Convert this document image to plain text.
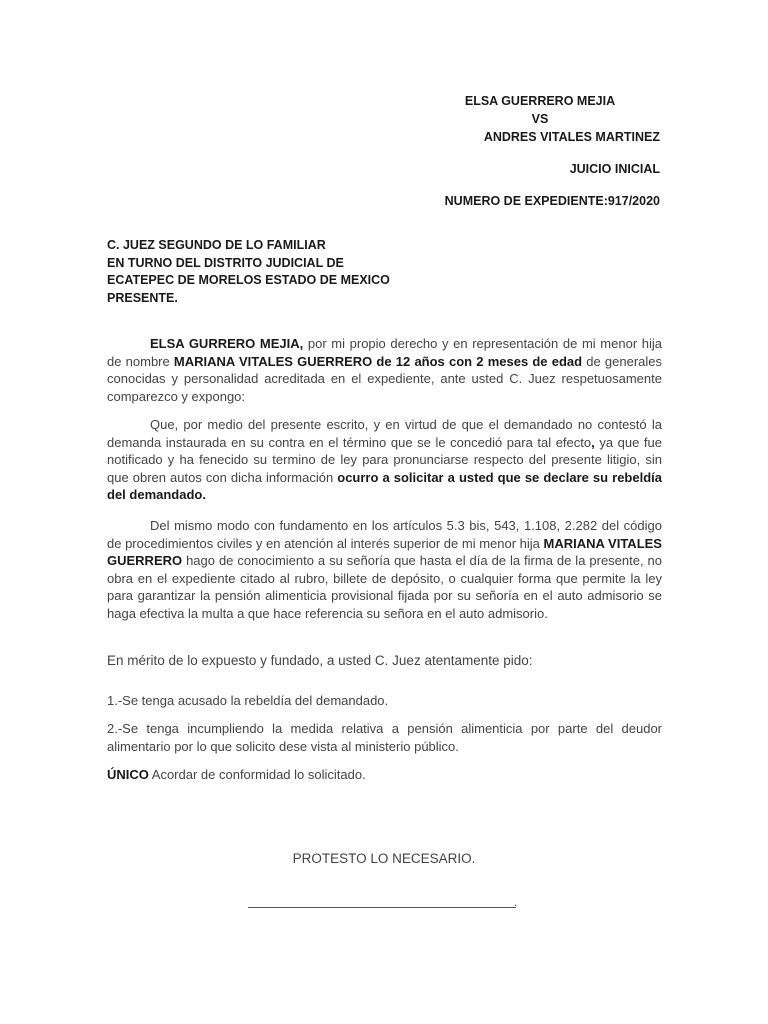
ELSA GUERRERO MEJIA
VS
ANDRES VITALES MARTINEZ
JUICIO INICIAL
NUMERO DE EXPEDIENTE:917/2020
C. JUEZ SEGUNDO DE LO FAMILIAR
EN TURNO DEL DISTRITO JUDICIAL DE
ECATEPEC DE MORELOS ESTADO DE MEXICO
PRESENTE.
ELSA GURRERO MEJIA, por mi propio derecho y en representación de mi menor hija de nombre MARIANA VITALES GUERRERO de 12 años con 2 meses de edad de generales conocidas y personalidad acreditada en el expediente, ante usted C. Juez respetuosamente comparezco y expongo:
Que, por medio del presente escrito, y en virtud de que el demandado no contestó la demanda instaurada en su contra en el término que se le concedió para tal efecto, ya que fue notificado y ha fenecido su termino de ley para pronunciarse respecto del presente litigio, sin que obren autos con dicha información ocurro a solicitar a usted que se declare su rebeldía del demandado.
Del mismo modo con fundamento en los artículos 5.3 bis, 543, 1.108, 2.282 del código de procedimientos civiles y en atención al interés superior de mi menor hija MARIANA VITALES GUERRERO hago de conocimiento a su señoría que hasta el día de la firma de la presente, no obra en el expediente citado al rubro, billete de depósito, o cualquier forma que permite la ley para garantizar la pensión alimenticia provisional fijada por su señoría en el auto admisorio se haga efectiva la multa a que hace referencia su señora en el auto admisorio.
En mérito de lo expuesto y fundado, a usted C. Juez atentamente pido:
1.-Se tenga acusado la rebeldía del demandado.
2.-Se tenga incumpliendo la medida relativa a pensión alimenticia por parte del deudor alimentario por lo que solicito dese vista al ministerio público.
ÚNICO Acordar de conformidad lo solicitado.
PROTESTO LO NECESARIO.
.
